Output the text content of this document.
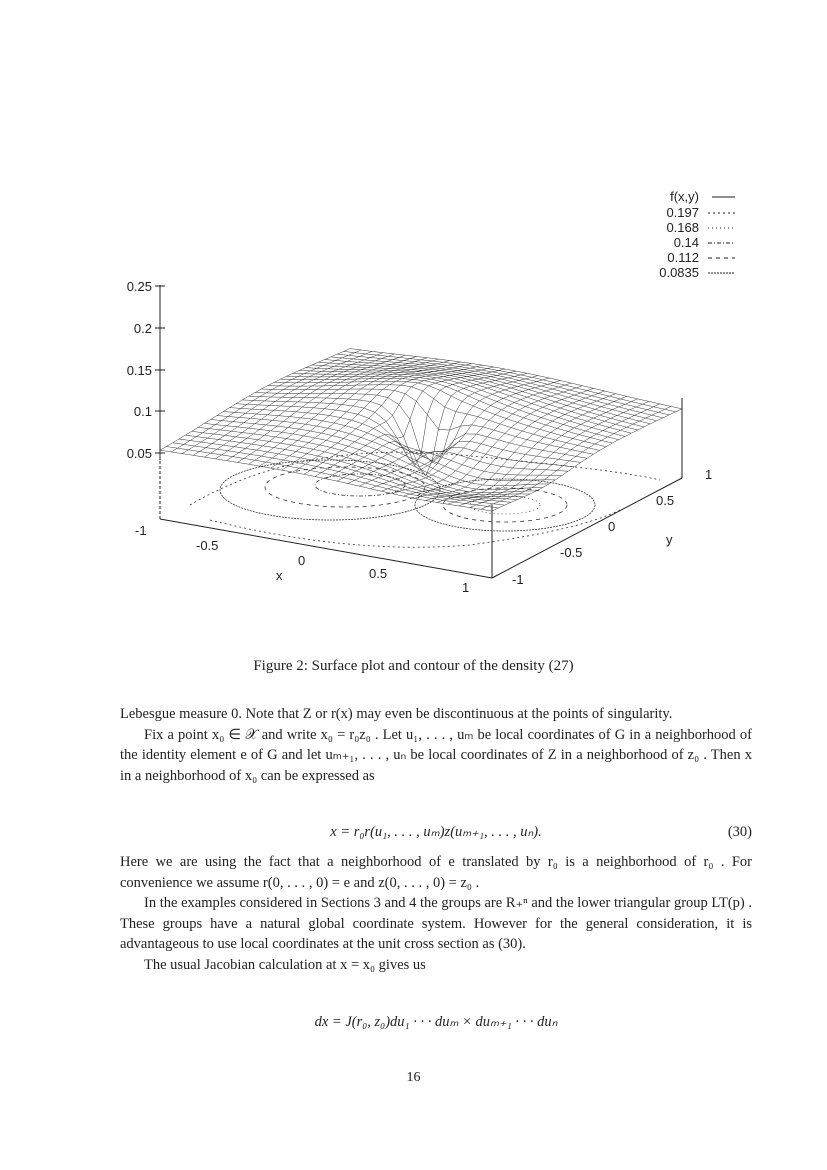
f(x,y)
0.197
0.168
0.14
0.112
0.0835
0.25
0.2
0.15
0.1
0.05
-1
-0.5
0
0.5
1
x
1
0.5
0
-0.5
-1
y
Figure 2: Surface plot and contour of the density (27)

Lebesgue measure 0. Note that Z or r(x) may even be discontinuous at the points of singularity.

Fix a point x₀ ∈ 𝒳 and write x₀ = r₀z₀ . Let u₁, . . . , uₘ be local coordinates of G in a neighborhood of the identity element e of G and let uₘ₊₁, . . . , uₙ be local coordinates of Z in a neighborhood of z₀ . Then x in a neighborhood of x₀ can be expressed as

x = r₀r(u₁, . . . , uₘ)z(uₘ₊₁, . . . , uₙ).	(30)

Here we are using the fact that a neighborhood of e translated by r₀ is a neighborhood of r₀ . For convenience we assume r(0, . . . , 0) = e and z(0, . . . , 0) = z₀ .

In the examples considered in Sections 3 and 4 the groups are R₊ⁿ and the lower triangular group LT(p) . These groups have a natural global coordinate system. However for the general consideration, it is advantageous to use local coordinates at the unit cross section as (30).

The usual Jacobian calculation at x = x₀ gives us

dx = J(r₀, z₀)du₁ · · · duₘ × duₘ₊₁ · · · duₙ
16
